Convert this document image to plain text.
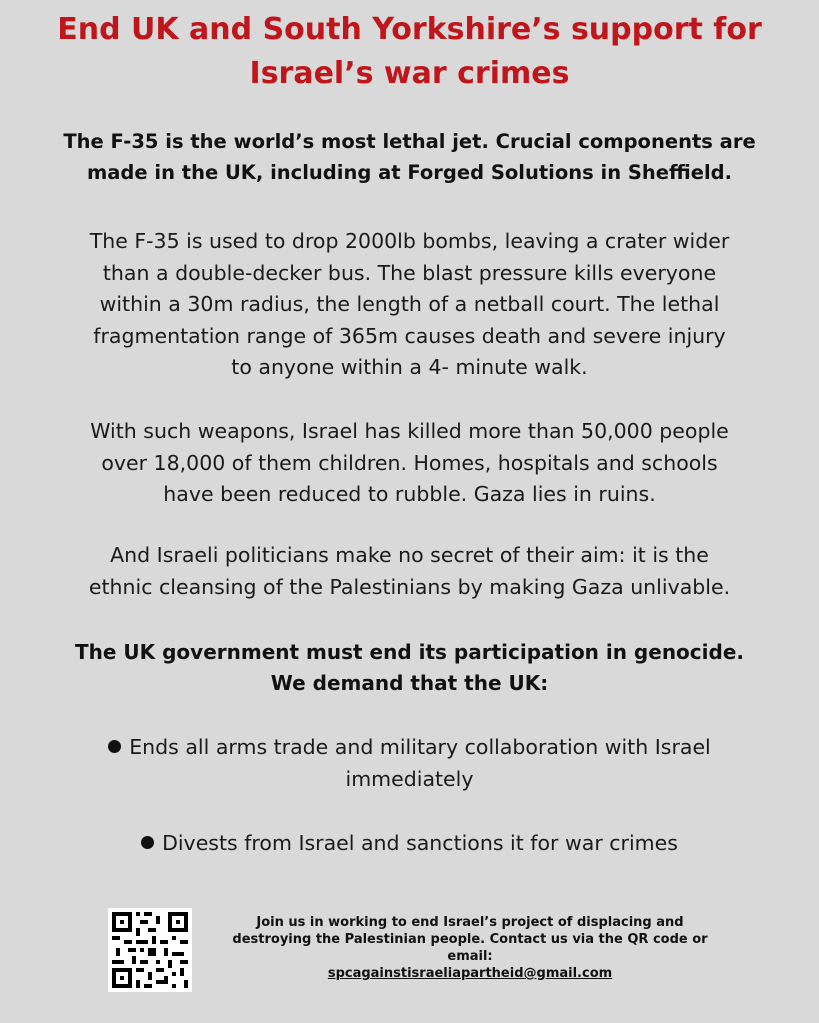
End UK and South Yorkshire’s support for
Israel’s war crimes
The F-35 is the world’s most lethal jet. Crucial components are
made in the UK, including at Forged Solutions in Sheffield.
The F-35 is used to drop 2000lb bombs, leaving a crater wider
than a double-decker bus. The blast pressure kills everyone
within a 30m radius, the length of a netball court. The lethal
fragmentation range of 365m causes death and severe injury
to anyone within a 4- minute walk.
With such weapons, Israel has killed more than 50,000 people
over 18,000 of them children. Homes, hospitals and schools
have been reduced to rubble. Gaza lies in ruins.
And Israeli politicians make no secret of their aim: it is the
ethnic cleansing of the Palestinians by making Gaza unlivable.
The UK government must end its participation in genocide.
We demand that the UK:
Ends all arms trade and military collaboration with Israel
immediately
Divests from Israel and sanctions it for war crimes
Join us in working to end Israel’s project of displacing and
destroying the Palestinian people. Contact us via the QR code or
email:
spcagainstisraeliapartheid@gmail.com
